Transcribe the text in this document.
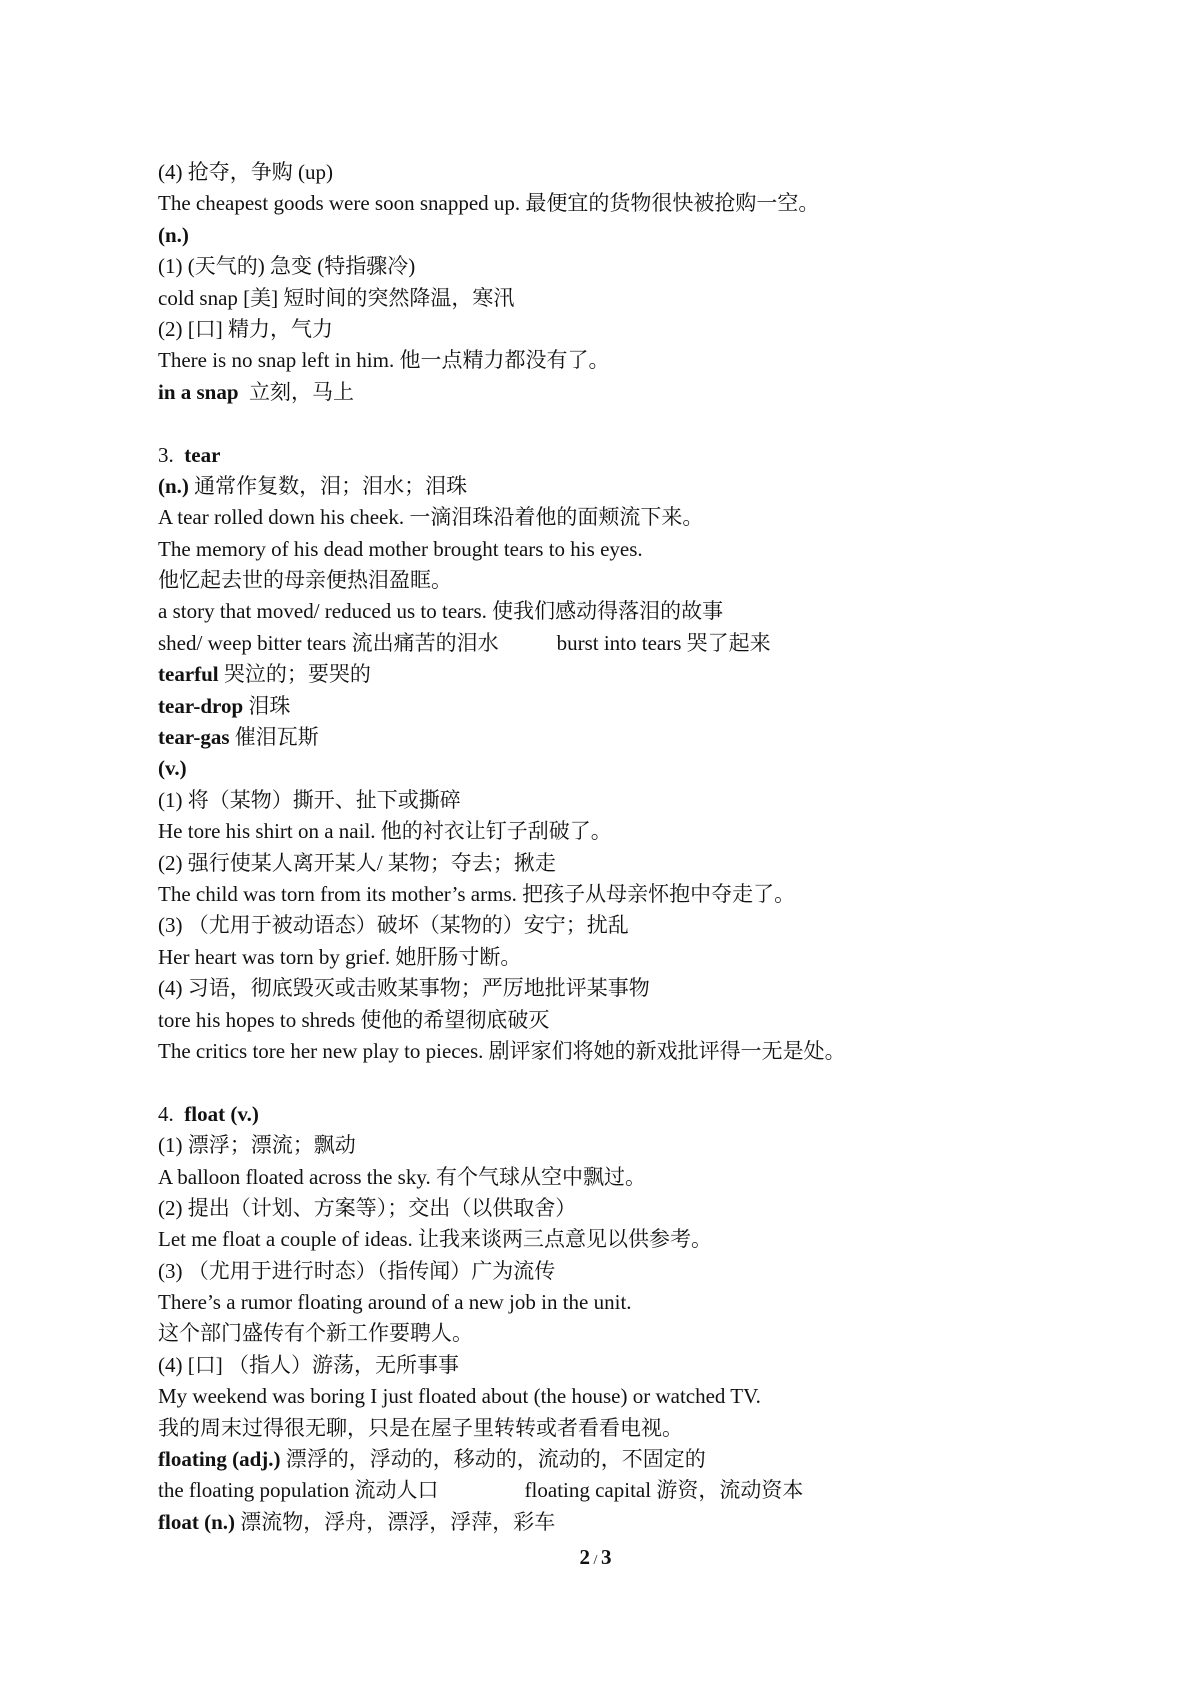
(4) 抢夺，争购 (up)
The cheapest goods were soon snapped up. 最便宜的货物很快被抢购一空。
(n.)
(1) (天气的) 急变 (特指骤冷)
cold snap [美] 短时间的突然降温，寒汛
(2) [口] 精力，气力
There is no snap left in him. 他一点精力都没有了。
in a snap 立刻，马上
3. tear
(n.) 通常作复数，泪；泪水；泪珠
A tear rolled down his cheek. 一滴泪珠沿着他的面颊流下来。
The memory of his dead mother brought tears to his eyes.
他忆起去世的母亲便热泪盈眶。
a story that moved/ reduced us to tears. 使我们感动得落泪的故事
shed/ weep bitter tears 流出痛苦的泪水	burst into tears 哭了起来
tearful 哭泣的；要哭的
tear-drop 泪珠
tear-gas 催泪瓦斯
(v.)
(1) 将（某物）撕开、扯下或撕碎
He tore his shirt on a nail. 他的衬衣让钉子刮破了。
(2) 强行使某人离开某人/ 某物；夺去；揪走
The child was torn from its mother’s arms. 把孩子从母亲怀抱中夺走了。
(3) （尤用于被动语态）破坏（某物的）安宁；扰乱
Her heart was torn by grief. 她肝肠寸断。
(4) 习语，彻底毁灭或击败某事物；严厉地批评某事物
tore his hopes to shreds 使他的希望彻底破灭
The critics tore her new play to pieces. 剧评家们将她的新戏批评得一无是处。
4. float (v.)
(1) 漂浮；漂流；飘动
A balloon floated across the sky. 有个气球从空中飘过。
(2) 提出（计划、方案等）；交出（以供取舍）
Let me float a couple of ideas. 让我来谈两三点意见以供参考。
(3) （尤用于进行时态）（指传闻）广为流传
There’s a rumor floating around of a new job in the unit.
这个部门盛传有个新工作要聘人。
(4) [口] （指人）游荡，无所事事
My weekend was boring I just floated about (the house) or watched TV.
我的周末过得很无聊，只是在屋子里转转或者看看电视。
floating (adj.) 漂浮的，浮动的，移动的，流动的，不固定的
the floating population 流动人口	floating capital 游资，流动资本
float (n.) 漂流物，浮舟，漂浮，浮萍，彩车
2 / 3
